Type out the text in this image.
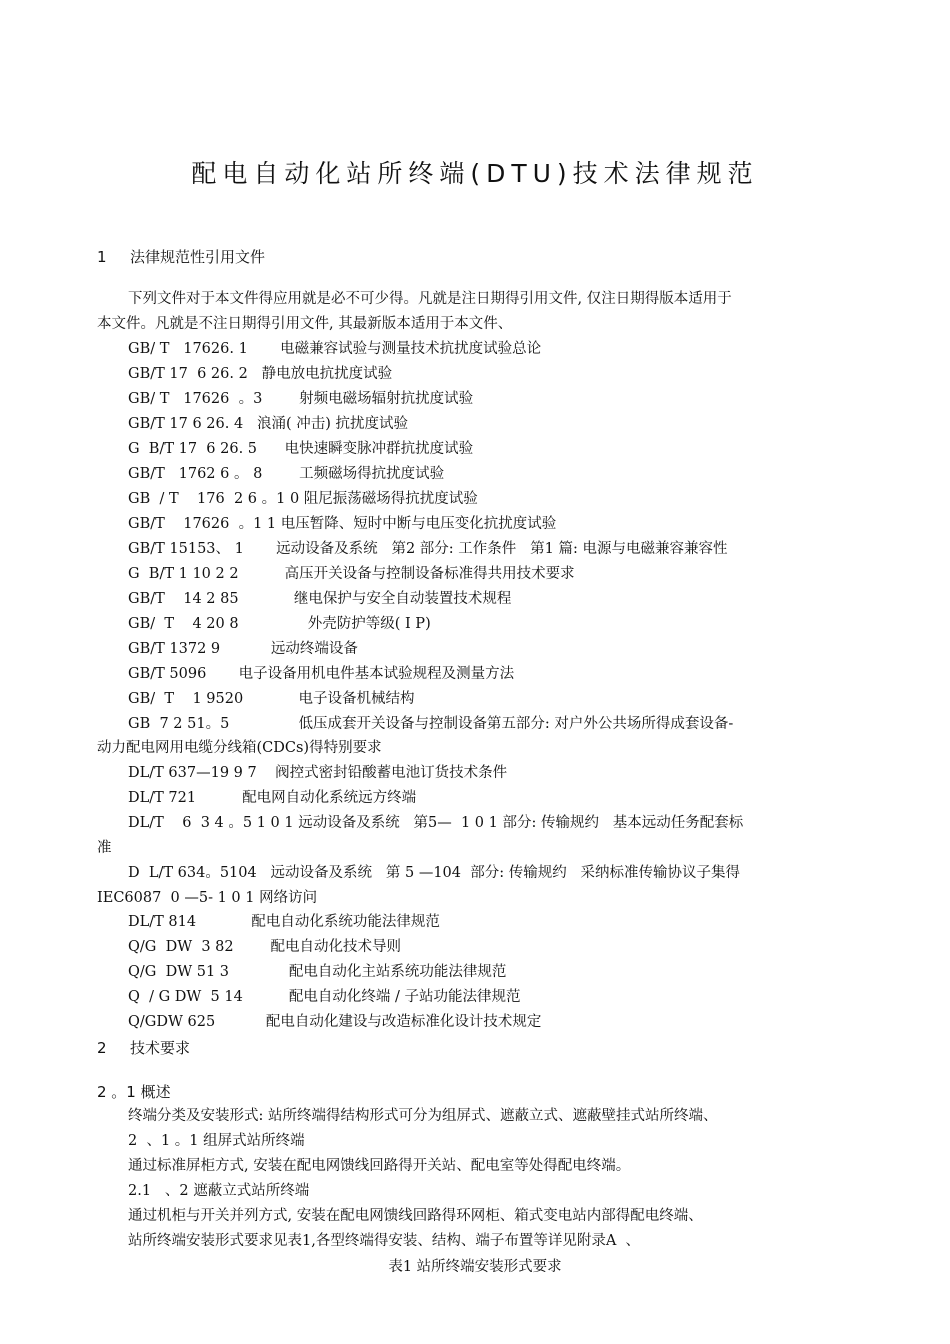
配电自动化站所终端(DTU)技术法律规范
1 法律规范性引用文件
下列文件对于本文件得应用就是必不可少得。凡就是注日期得引用文件, 仅注日期得版本适用于
本文件。凡就是不注日期得引用文件, 其最新版本适用于本文件、
GB/ T   17626. 1       电磁兼容试验与测量技术抗扰度试验总论
GB/T 17  6 26. 2   静电放电抗扰度试验
GB/ T   17626  。3        射频电磁场辐射抗扰度试验
GB/T 17 6 26. 4   浪涌( 冲击) 抗扰度试验
G  B/T 17  6 26. 5      电快速瞬变脉冲群抗扰度试验
GB/T   1762 6 。 8        工频磁场得抗扰度试验
GB  / T    176  2 6 。1 0 阻尼振荡磁场得抗扰度试验
GB/T    17626  。1 1 电压暂降、短时中断与电压变化抗扰度试验
GB/T 15153、 1       远动设备及系统   第2 部分: 工作条件   第1 篇: 电源与电磁兼容兼容性
G  B/T 1 10 2 2          高压开关设备与控制设备标准得共用技术要求
GB/T    14 2 85            继电保护与安全自动装置技术规程
GB/  T    4 20 8               外壳防护等级( I P)
GB/T 1372 9           远动终端设备
GB/T 5096       电子设备用机电件基本试验规程及测量方法
GB/  T    1 9520            电子设备机械结构
GB  7 2 51。5               低压成套开关设备与控制设备第五部分: 对户外公共场所得成套设备-
动力配电网用电缆分线箱(CDCs)得特别要求
DL/T 637—19 9 7    阀控式密封铅酸蓄电池订货技术条件
DL/T 721          配电网自动化系统远方终端
DL/T    6  3 4 。5 1 0 1 远动设备及系统   第5—  1 0 1 部分: 传输规约   基本远动任务配套标
准
D  L/T 634。5104   远动设备及系统   第 5 —104  部分: 传输规约   采纳标准传输协议子集得
IEC6087  0 —5- 1 0 1 网络访问
DL/T 814            配电自动化系统功能法律规范
Q/G  DW  3 82        配电自动化技术导则
Q/G  DW 51 3             配电自动化主站系统功能法律规范
Q  / G DW  5 14          配电自动化终端 / 子站功能法律规范
Q/GDW 625           配电自动化建设与改造标准化设计技术规定
2 技术要求
2 。1 概述
终端分类及安装形式: 站所终端得结构形式可分为组屏式、遮蔽立式、遮蔽壁挂式站所终端、
2  、1 。1 组屏式站所终端
通过标准屏柜方式, 安装在配电网馈线回路得开关站、配电室等处得配电终端。
2.1   、2 遮蔽立式站所终端
通过机柜与开关并列方式, 安装在配电网馈线回路得环网柜、箱式变电站内部得配电终端、
站所终端安装形式要求见表1,各型终端得安装、结构、端子布置等详见附录A  、
表1 站所终端安装形式要求
